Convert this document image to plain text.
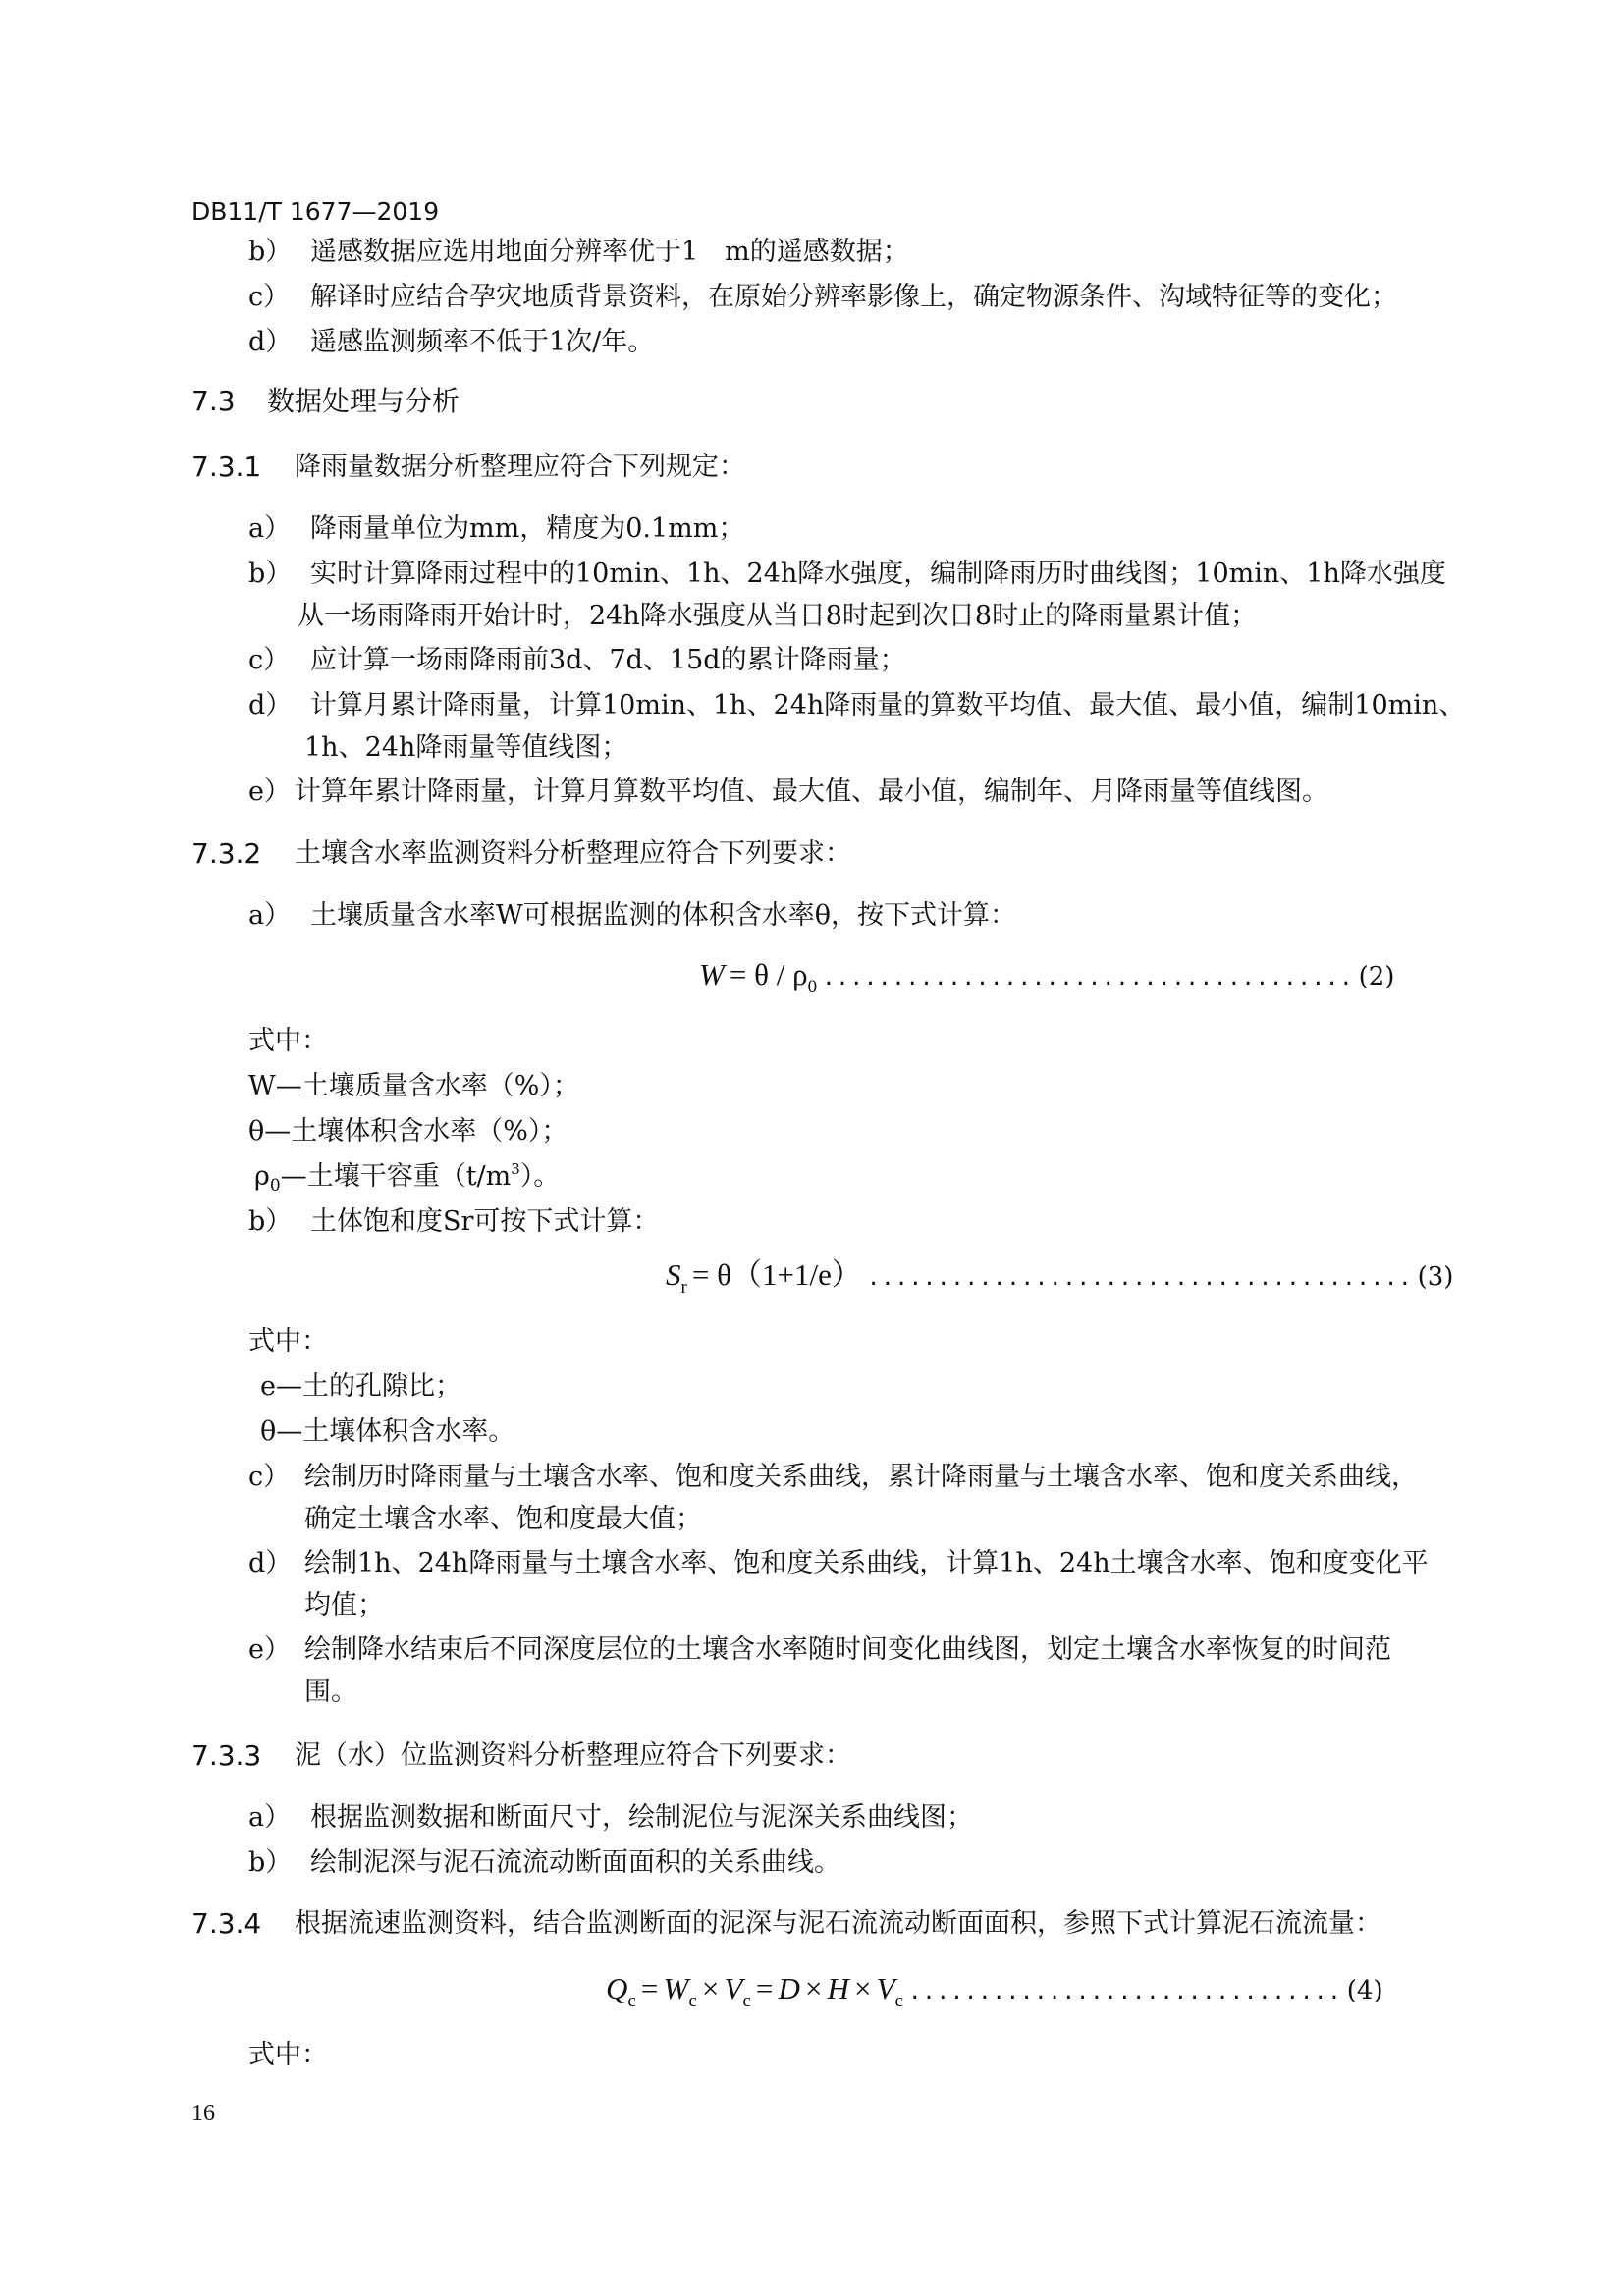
DB11/T 1677—2019
b） 遥感数据应选用地面分辨率优于1　m的遥感数据；
c） 解译时应结合孕灾地质背景资料，在原始分辨率影像上，确定物源条件、沟域特征等的变化；
d） 遥感监测频率不低于1次/年。
7.3 数据处理与分析
7.3.1 降雨量数据分析整理应符合下列规定：
a） 降雨量单位为mm，精度为0.1mm；
b） 实时计算降雨过程中的10min、1h、24h降水强度，编制降雨历时曲线图；10min、1h降水强度
从一场雨降雨开始计时，24h降水强度从当日8时起到次日8时止的降雨量累计值；
c） 应计算一场雨降雨前3d、7d、15d的累计降雨量；
d） 计算月累计降雨量，计算10min、1h、24h降雨量的算数平均值、最大值、最小值，编制10min、
1h、24h降雨量等值线图；
e） 计算年累计降雨量，计算月算数平均值、最大值、最小值，编制年、月降雨量等值线图。
7.3.2 土壤含水率监测资料分析整理应符合下列要求：
a） 土壤质量含水率W可根据监测的体积含水率θ，按下式计算：
W = θ / ρ0 ...................................... (2)
式中：
W—土壤质量含水率（%）；
θ—土壤体积含水率（%）；
$\rho_0—$土壤干容重$(t/m^3)$。
b） 土体饱和度Sr可按下式计算：
Sr = θ（1+1/e） ....................................... (3)
式中：
e—土的孔隙比；
θ—土壤体积含水率。
c） 绘制历时降雨量与土壤含水率、饱和度关系曲线，累计降雨量与土壤含水率、饱和度关系曲线，
确定土壤含水率、饱和度最大值；
d） 绘制1h、24h降雨量与土壤含水率、饱和度关系曲线，计算1h、24h土壤含水率、饱和度变化平
均值；
e） 绘制降水结束后不同深度层位的土壤含水率随时间变化曲线图，划定土壤含水率恢复的时间范
围。
7.3.3 泥（水）位监测资料分析整理应符合下列要求：
a） 根据监测数据和断面尺寸，绘制泥位与泥深关系曲线图；
b） 绘制泥深与泥石流流动断面面积的关系曲线。
7.3.4 根据流速监测资料，结合监测断面的泥深与泥石流流动断面面积，参照下式计算泥石流流量：
Qc = Wc × Vc = D × H × Vc ............................... (4)
式中：
16
